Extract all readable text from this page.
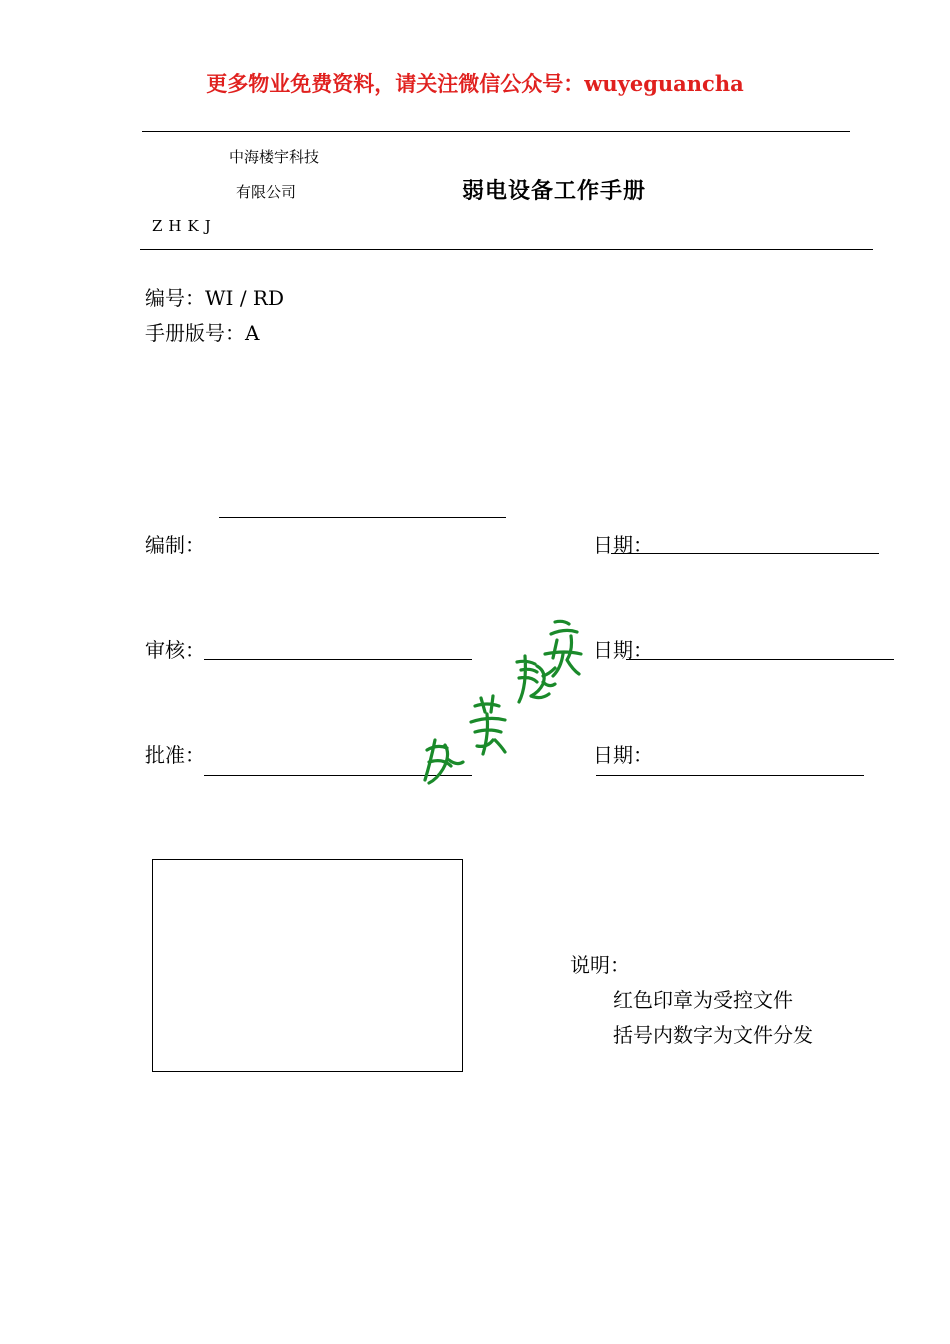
更多物业免费资料，请关注微信公众号：wuyeguancha
中海楼宇科技
有限公司	弱电设备工作手册
ZHKJ
编号：WI / RD
手册版号：A
编制：	日期：
审核：	日期：
批准：	日期：
说明：
红色印章为受控文件
括号内数字为文件分发
